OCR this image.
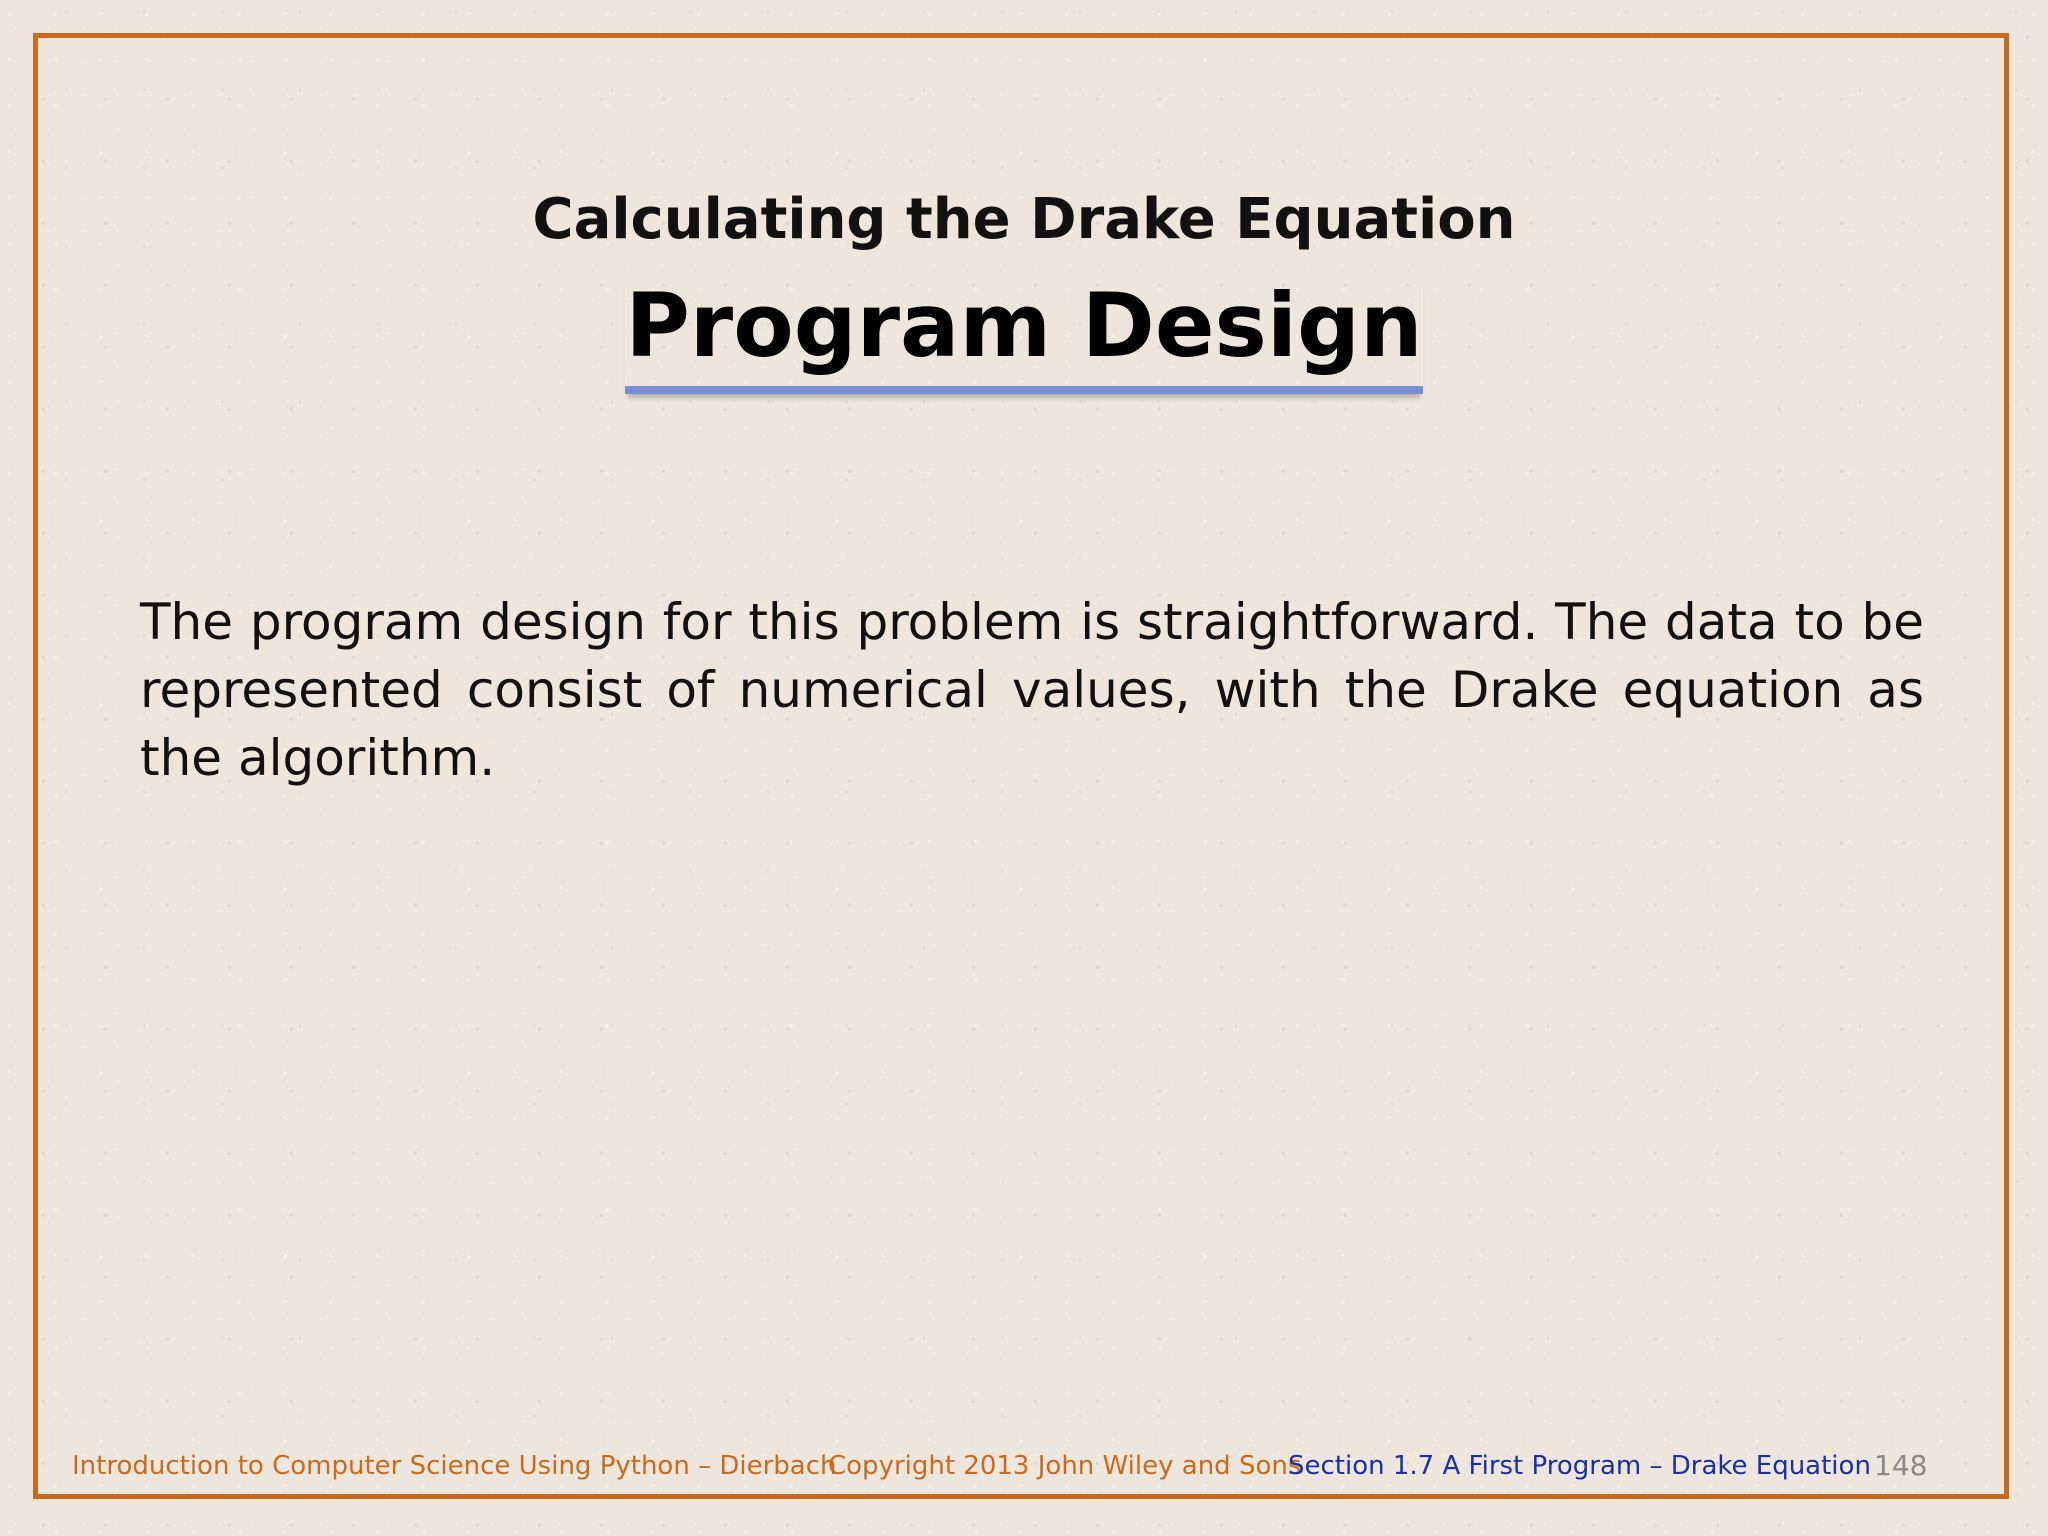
Calculating the Drake Equation
Program Design

The program design for this problem is straightforward. The data to be represented consist of numerical values, with the Drake equation as the algorithm.

Introduction to Computer Science Using Python – Dierbach
Copyright 2013 John Wiley and Sons
Section 1.7 A First Program – Drake Equation 148
